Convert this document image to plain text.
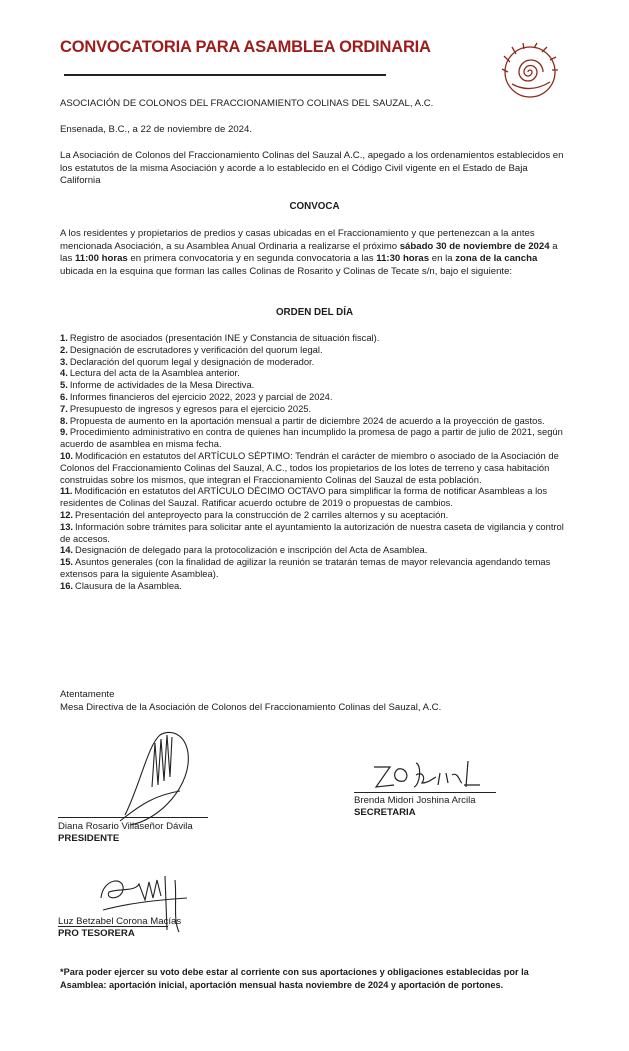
CONVOCATORIA PARA ASAMBLEA ORDINARIA
ASOCIACIÓN DE COLONOS DEL FRACCIONAMIENTO COLINAS DEL SAUZAL, A.C.
Ensenada, B.C., a 22 de noviembre de 2024.
La Asociación de Colonos del Fraccionamiento Colinas del Sauzal A.C., apegado a los ordenamientos establecidos en los estatutos de la misma Asociación y acorde a lo establecido en el Código Civil vigente en el Estado de Baja California
CONVOCA
A los residentes y propietarios de predios y casas ubicadas en el Fraccionamiento y que pertenezcan a la antes mencionada Asociación, a su Asamblea Anual Ordinaria a realizarse el próximo sábado 30 de noviembre de 2024 a las 11:00 horas en primera convocatoria y en segunda convocatoria a las 11:30 horas en la zona de la cancha ubicada en la esquina que forman las calles Colinas de Rosarito y Colinas de Tecate s/n, bajo el siguiente:
ORDEN DEL DÍA
1. Registro de asociados (presentación INE y Constancia de situación fiscal).
2. Designación de escrutadores y verificación del quorum legal.
3. Declaración del quorum legal y designación de moderador.
4. Lectura del acta de la Asamblea anterior.
5. Informe de actividades de la Mesa Directiva.
6. Informes financieros del ejercicio 2022, 2023 y parcial de 2024.
7. Presupuesto de ingresos y egresos para el ejercicio 2025.
8. Propuesta de aumento en la aportación mensual a partir de diciembre 2024 de acuerdo a la proyección de gastos.
9. Procedimiento administrativo en contra de quienes han incumplido la promesa de pago a partir de julio de 2021, según acuerdo de asamblea en misma fecha.
10. Modificación en estatutos del ARTÍCULO SÉPTIMO: Tendrán el carácter de miembro o asociado de la Asociación de Colonos del Fraccionamiento Colinas del Sauzal, A.C., todos los propietarios de los lotes de terreno y casa habitación construidas sobre los mismos, que integran el Fraccionamiento Colinas del Sauzal de esta población.
11. Modificación en estatutos del ARTÍCULO DÉCIMO OCTAVO para simplificar la forma de notificar Asambleas a los residentes de Colinas del Sauzal. Ratificar acuerdo octubre de 2019 o propuestas de cambios.
12. Presentación del anteproyecto para la construcción de 2 carriles alternos y su aceptación.
13. Información sobre trámites para solicitar ante el ayuntamiento la autorización de nuestra caseta de vigilancia y control de accesos.
14. Designación de delegado para la protocolización e inscripción del Acta de Asamblea.
15. Asuntos generales (con la finalidad de agilizar la reunión se tratarán temas de mayor relevancia agendando temas extensos para la siguiente Asamblea).
16. Clausura de la Asamblea.
Atentamente
Mesa Directiva de la Asociación de Colonos del Fraccionamiento Colinas del Sauzal, A.C.
Diana Rosario Villaseñor Dávila
PRESIDENTE
Brenda Midori Joshina Arcila
SECRETARIA
Luz Betzabel Corona Macías
PRO TESORERA
*Para poder ejercer su voto debe estar al corriente con sus aportaciones y obligaciones establecidas por la Asamblea: aportación inicial, aportación mensual hasta noviembre de 2024 y aportación de portones.
